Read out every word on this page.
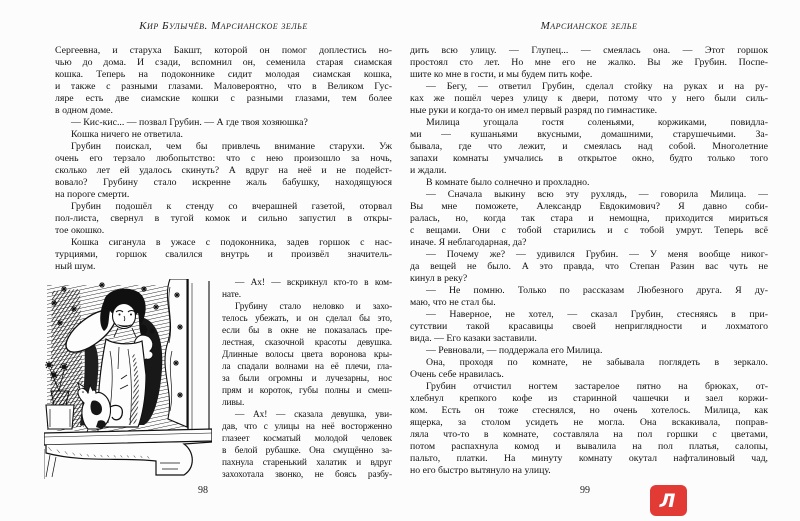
Кир Булычёв. Марсианское зелье	Марсианское зелье
Сергеевна, и старуха Бакшт, которой он помог доплестись но-
чью до дома. И сзади, вспомнил он, семенила старая сиамская
кошка. Теперь на подоконнике сидит молодая сиамская кошка,
и также с разными глазами. Маловероятно, что в Великом Гус-
ляре есть две сиамские кошки с разными глазами, тем более
в одном доме.
— Кис-кис... — позвал Грубин. — А где твоя хозяюшка?
Кошка ничего не ответила.
Грубин поискал, чем бы привлечь внимание старухи. Уж
очень его терзало любопытство: что с нею произошло за ночь,
сколько лет ей удалось скинуть? А вдруг на неё и не подейст-
вовало? Грубину стало искренне жаль бабушку, находящуюся
на пороге смерти.
Грубин подошёл к стенду со вчерашней газетой, оторвал
пол-листа, свернул в тугой комок и сильно запустил в откры-
тое окошко.
Кошка сиганула в ужасе с подоконника, задев горшок с нас-
турциями, горшок свалился внутрь и произвёл значитель-
ный шум.
— Ах! — вскрикнул кто-то в ком-
нате.
Грубину стало неловко и захо-
телось убежать, и он сделал бы это,
если бы в окне не показалась пре-
лестная, сказочной красоты девушка.
Длинные волосы цвета воронова кры-
ла спадали волнами на её плечи, гла-
за были огромны и лучезарны, нос
прям и короток, губы полны и смеш-
ливы.
— Ах! — сказала девушка, уви-
дав, что с улицы на неё восторженно
глазеет косматый молодой человек
в белой рубашке. Она смущённо за-
пахнула старенький халатик и вдруг
захохотала звонко, не боясь разбу-
дить всю улицу. — Глупец... — смеялась она. — Этот горшок
простоял сто лет. Но мне его не жалко. Вы же Грубин. Поспе-
шите ко мне в гости, и мы будем пить кофе.
— Бегу, — ответил Грубин, сделал стойку на руках и на ру-
ках же пошёл через улицу к двери, потому что у него были силь-
ные руки и когда-то он имел первый разряд по гимнастике.
Милица угощала гостя соленьями, коржиками, повидла-
ми — кушаньями вкусными, домашними, старушечьими. За-
бывала, где что лежит, и смеялась над собой. Многолетние
запахи комнаты умчались в открытое окно, будто только того
и ждали.
В комнате было солнечно и прохладно.
— Сначала выкину всю эту рухлядь, — говорила Милица. —
Вы мне поможете, Александр Евдокимович? Я давно соби-
ралась, но, когда так стара и немощна, приходится мириться
с вещами. Они с тобой старились и с тобой умрут. Теперь всё
иначе. Я неблагодарная, да?
— Почему же? — удивился Грубин. — У меня вообще никог-
да вещей не было. А это правда, что Степан Разин вас чуть не
кинул в реку?
— Не помню. Только по рассказам Любезного друга. Я ду-
маю, что не стал бы.
— Наверное, не хотел, — сказал Грубин, стесняясь в при-
сутствии такой красавицы своей неприглядности и лохматого
вида. — Его казаки заставили.
— Ревновали, — поддержала его Милица.
Она, проходя по комнате, не забывала поглядеть в зеркало.
Очень себе нравилась.
Грубин отчистил ногтем застарелое пятно на брюках, от-
хлебнул крепкого кофе из старинной чашечки и заел коржи-
ком. Есть он тоже стеснялся, но очень хотелось. Милица, как
ящерка, за столом усидеть не могла. Она вскакивала, поправ-
ляла что-то в комнате, составляла на пол горшки с цветами,
потом распахнула комод и вывалила на пол платья, салопы,
пальто, платки. На минуту комнату окутал нафталиновый чад,
но его быстро вытянуло на улицу.
98	99	Л
